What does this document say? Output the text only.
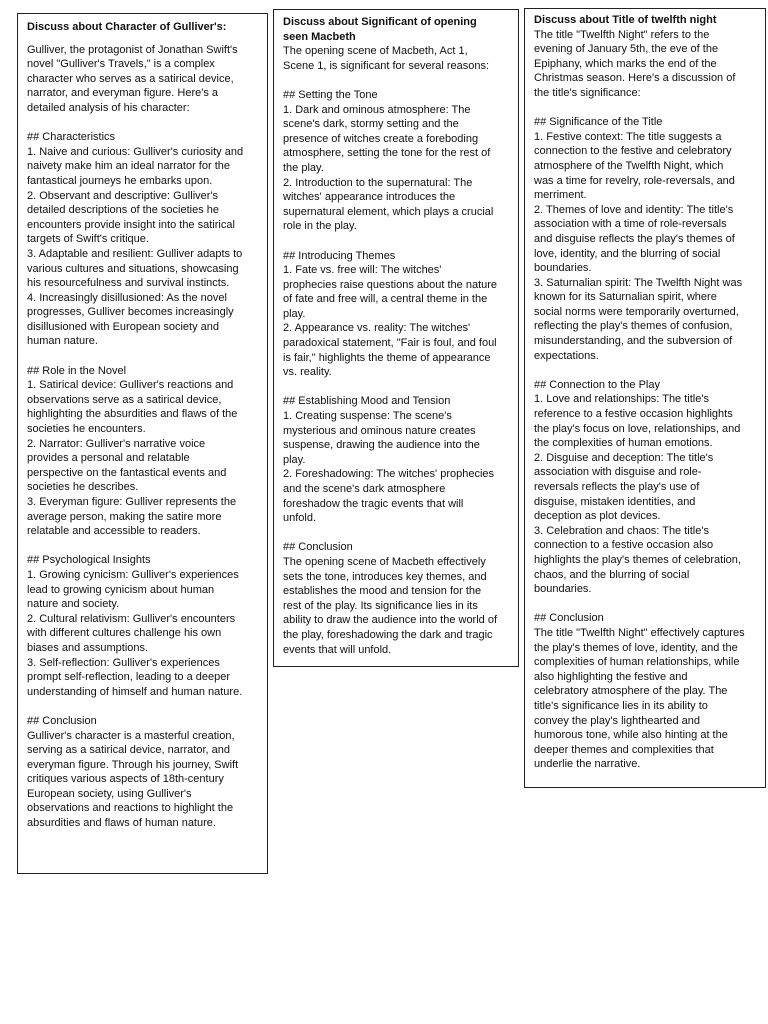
Discuss about Character of Gulliver's:
Gulliver, the protagonist of Jonathan Swift's
novel "Gulliver's Travels," is a complex
character who serves as a satirical device,
narrator, and everyman figure. Here's a
detailed analysis of his character:
## Characteristics
1. Naive and curious: Gulliver's curiosity and
naivety make him an ideal narrator for the
fantastical journeys he embarks upon.
2. Observant and descriptive: Gulliver's
detailed descriptions of the societies he
encounters provide insight into the satirical
targets of Swift's critique.
3. Adaptable and resilient: Gulliver adapts to
various cultures and situations, showcasing
his resourcefulness and survival instincts.
4. Increasingly disillusioned: As the novel
progresses, Gulliver becomes increasingly
disillusioned with European society and
human nature.
## Role in the Novel
1. Satirical device: Gulliver's reactions and
observations serve as a satirical device,
highlighting the absurdities and flaws of the
societies he encounters.
2. Narrator: Gulliver's narrative voice
provides a personal and relatable
perspective on the fantastical events and
societies he describes.
3. Everyman figure: Gulliver represents the
average person, making the satire more
relatable and accessible to readers.
## Psychological Insights
1. Growing cynicism: Gulliver's experiences
lead to growing cynicism about human
nature and society.
2. Cultural relativism: Gulliver's encounters
with different cultures challenge his own
biases and assumptions.
3. Self-reflection: Gulliver's experiences
prompt self-reflection, leading to a deeper
understanding of himself and human nature.
## Conclusion
Gulliver's character is a masterful creation,
serving as a satirical device, narrator, and
everyman figure. Through his journey, Swift
critiques various aspects of 18th-century
European society, using Gulliver's
observations and reactions to highlight the
absurdities and flaws of human nature.
Discuss about Significant of opening
seen Macbeth
The opening scene of Macbeth, Act 1,
Scene 1, is significant for several reasons:
## Setting the Tone
1. Dark and ominous atmosphere: The
scene's dark, stormy setting and the
presence of witches create a foreboding
atmosphere, setting the tone for the rest of
the play.
2. Introduction to the supernatural: The
witches' appearance introduces the
supernatural element, which plays a crucial
role in the play.
## Introducing Themes
1. Fate vs. free will: The witches'
prophecies raise questions about the nature
of fate and free will, a central theme in the
play.
2. Appearance vs. reality: The witches'
paradoxical statement, "Fair is foul, and foul
is fair," highlights the theme of appearance
vs. reality.
## Establishing Mood and Tension
1. Creating suspense: The scene's
mysterious and ominous nature creates
suspense, drawing the audience into the
play.
2. Foreshadowing: The witches' prophecies
and the scene's dark atmosphere
foreshadow the tragic events that will
unfold.
## Conclusion
The opening scene of Macbeth effectively
sets the tone, introduces key themes, and
establishes the mood and tension for the
rest of the play. Its significance lies in its
ability to draw the audience into the world of
the play, foreshadowing the dark and tragic
events that will unfold.
Discuss about Title of twelfth night
The title "Twelfth Night" refers to the
evening of January 5th, the eve of the
Epiphany, which marks the end of the
Christmas season. Here's a discussion of
the title's significance:
## Significance of the Title
1. Festive context: The title suggests a
connection to the festive and celebratory
atmosphere of the Twelfth Night, which
was a time for revelry, role-reversals, and
merriment.
2. Themes of love and identity: The title's
association with a time of role-reversals
and disguise reflects the play's themes of
love, identity, and the blurring of social
boundaries.
3. Saturnalian spirit: The Twelfth Night was
known for its Saturnalian spirit, where
social norms were temporarily overturned,
reflecting the play's themes of confusion,
misunderstanding, and the subversion of
expectations.
## Connection to the Play
1. Love and relationships: The title's
reference to a festive occasion highlights
the play's focus on love, relationships, and
the complexities of human emotions.
2. Disguise and deception: The title's
association with disguise and role-
reversals reflects the play's use of
disguise, mistaken identities, and
deception as plot devices.
3. Celebration and chaos: The title's
connection to a festive occasion also
highlights the play's themes of celebration,
chaos, and the blurring of social
boundaries.
## Conclusion
The title "Twelfth Night" effectively captures
the play's themes of love, identity, and the
complexities of human relationships, while
also highlighting the festive and
celebratory atmosphere of the play. The
title's significance lies in its ability to
convey the play's lighthearted and
humorous tone, while also hinting at the
deeper themes and complexities that
underlie the narrative.
